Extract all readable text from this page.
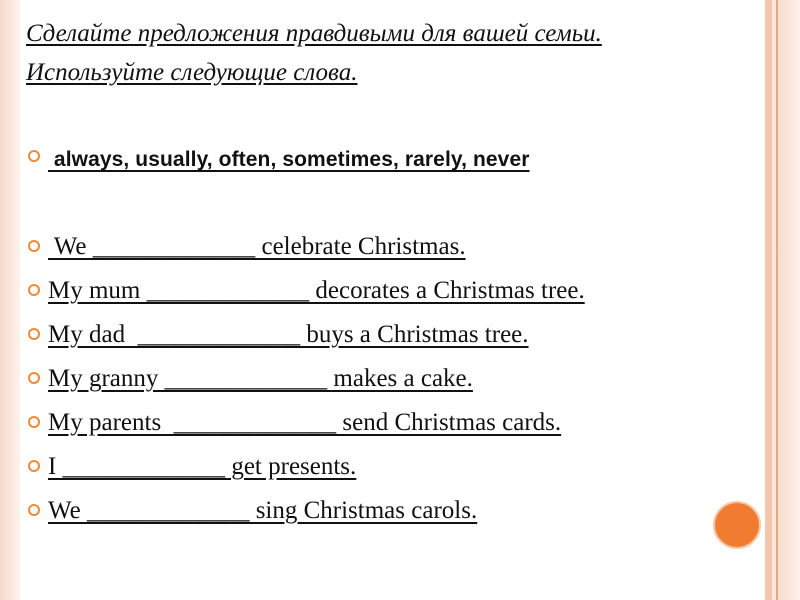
Сделайте предложения правдивыми для вашей семьи.
Используйте следующие слова.
always, usually, often, sometimes, rarely, never
We _____________ celebrate Christmas.
My mum _____________ decorates a Christmas tree.
My dad  _____________ buys a Christmas tree.
My granny _____________ makes a cake.
My parents  _____________ send Christmas cards.
I _____________ get presents.
We _____________ sing Christmas carols.
